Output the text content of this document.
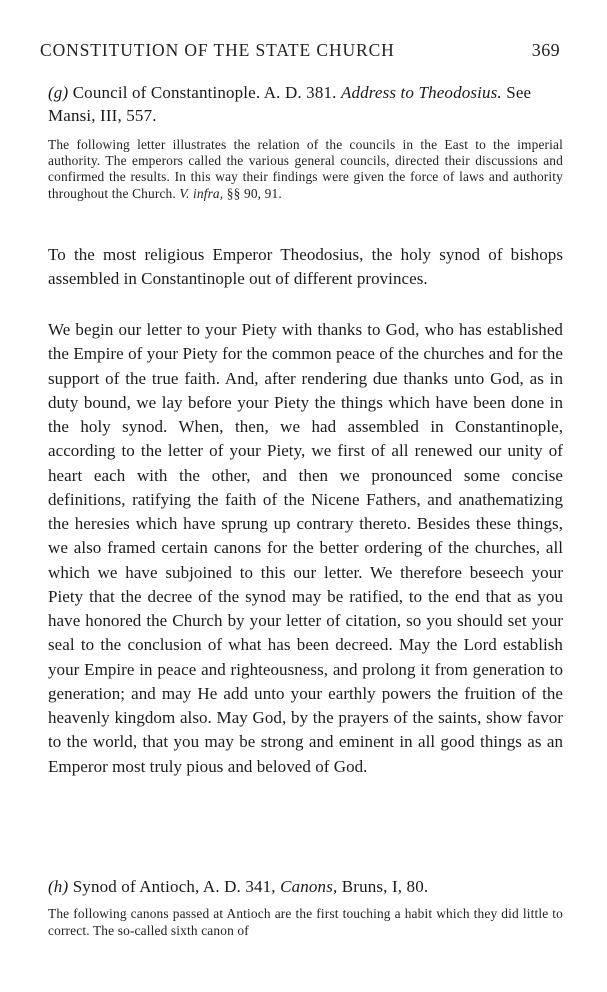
CONSTITUTION OF THE STATE CHURCH	369
(g) Council of Constantinople. A. D. 381. Address to Theodosius. See Mansi, III, 557.
The following letter illustrates the relation of the councils in the East to the imperial authority. The emperors called the various general councils, directed their discussions and confirmed the results. In this way their findings were given the force of laws and authority throughout the Church. V. infra, §§ 90, 91.
To the most religious Emperor Theodosius, the holy synod of bishops assembled in Constantinople out of different provinces.
We begin our letter to your Piety with thanks to God, who has established the Empire of your Piety for the common peace of the churches and for the support of the true faith. And, after rendering due thanks unto God, as in duty bound, we lay before your Piety the things which have been done in the holy synod. When, then, we had assembled in Constantinople, according to the letter of your Piety, we first of all renewed our unity of heart each with the other, and then we pronounced some concise definitions, ratifying the faith of the Nicene Fathers, and anathematizing the heresies which have sprung up contrary thereto. Besides these things, we also framed certain canons for the better ordering of the churches, all which we have subjoined to this our letter. We therefore beseech your Piety that the decree of the synod may be ratified, to the end that as you have honored the Church by your letter of citation, so you should set your seal to the conclusion of what has been decreed. May the Lord establish your Empire in peace and righteousness, and prolong it from generation to generation; and may He add unto your earthly powers the fruition of the heavenly kingdom also. May God, by the prayers of the saints, show favor to the world, that you may be strong and eminent in all good things as an Emperor most truly pious and beloved of God.
(h) Synod of Antioch, A. D. 341, Canons, Bruns, I, 80.
The following canons passed at Antioch are the first touching a habit which they did little to correct. The so-called sixth canon of
